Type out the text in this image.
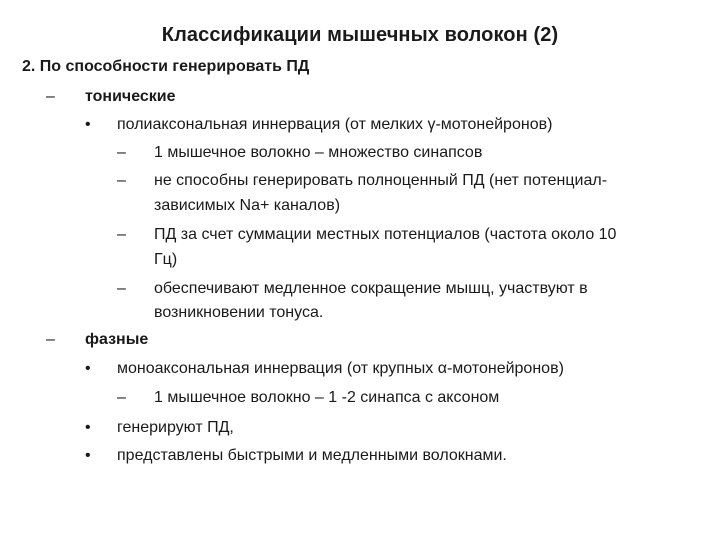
Классификации мышечных волокон (2)
2. По способности генерировать ПД
– тонические
• полиаксональная иннервация (от мелких γ-мотонейронов)
– 1 мышечное волокно – множество синапсов
– не способны генерировать полноценный ПД (нет потенциал-
зависимых Na+ каналов)
– ПД за счет суммации местных потенциалов (частота около 10
Гц)
– обеспечивают медленное сокращение мышц, участвуют в
возникновении тонуса.
– фазные
• моноаксональная иннервация (от крупных α-мотонейронов)
– 1 мышечное волокно – 1 -2 синапса с аксоном
• генерируют ПД,
• представлены быстрыми и медленными волокнами.
